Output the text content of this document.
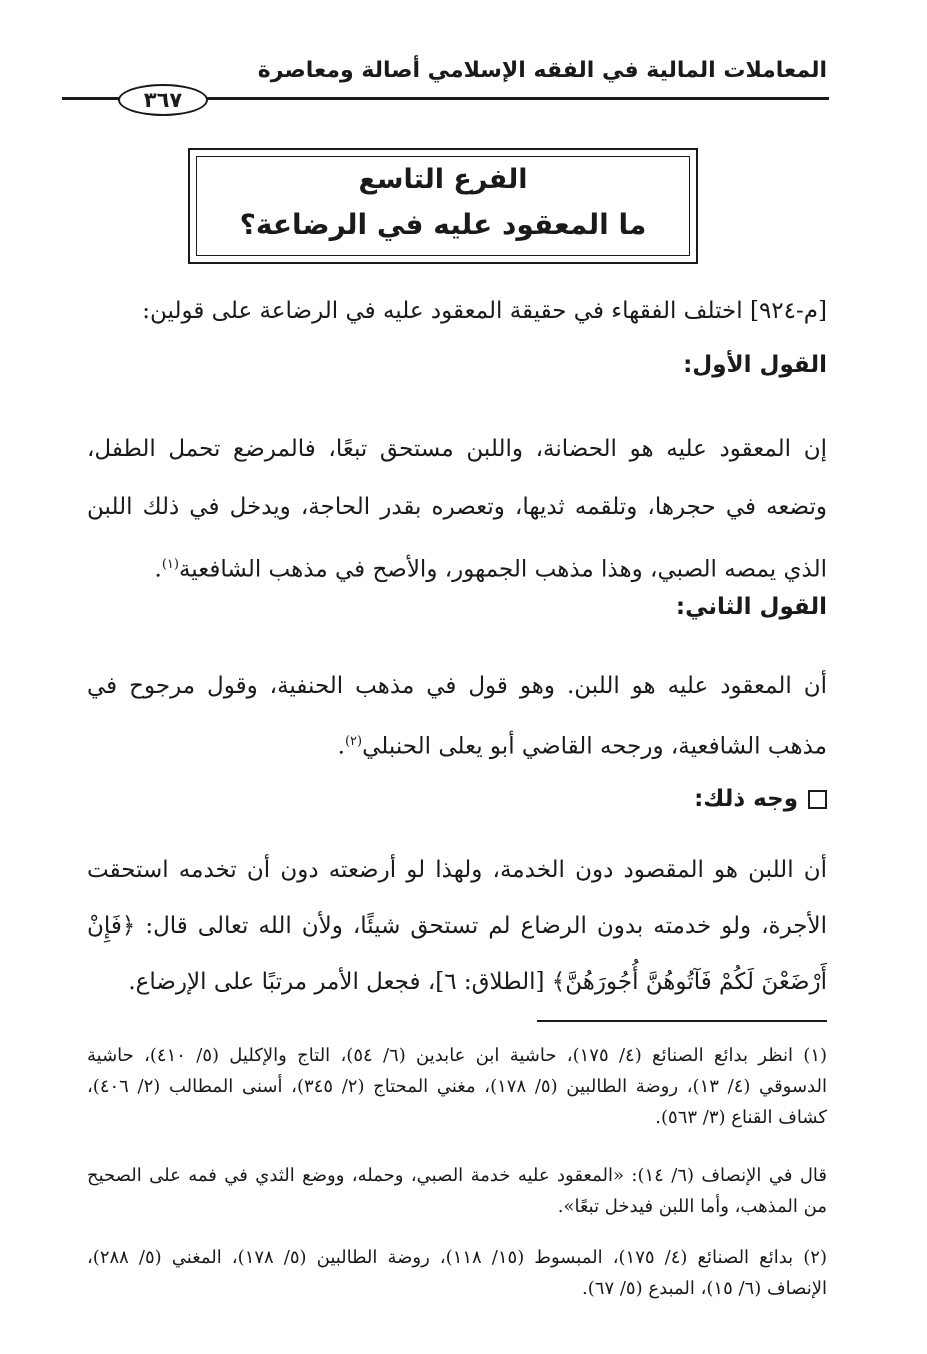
المعاملات المالية في الفقه الإسلامي أصالة ومعاصرة
٣٦٧
الفرع التاسع
ما المعقود عليه في الرضاعة؟
[م-٩٢٤] اختلف الفقهاء في حقيقة المعقود عليه في الرضاعة على قولين:
القول الأول:
إن المعقود عليه هو الحضانة، واللبن مستحق تبعًا، فالمرضع تحمل الطفل، وتضعه في حجرها، وتلقمه ثديها، وتعصره بقدر الحاجة، ويدخل في ذلك اللبن الذي يمصه الصبي، وهذا مذهب الجمهور، والأصح في مذهب الشافعية$^{(١)}$.
القول الثاني:
أن المعقود عليه هو اللبن. وهو قول في مذهب الحنفية، وقول مرجوح في مذهب الشافعية، ورجحه القاضي أبو يعلى الحنبلي$^{(٢)}$.
وجه ذلك:
أن اللبن هو المقصود دون الخدمة، ولهذا لو أرضعته دون أن تخدمه استحقت الأجرة، ولو خدمته بدون الرضاع لم تستحق شيئًا، ولأن الله تعالى قال: ﴿فَإِنْ أَرْضَعْنَ لَكُمْ فَآتُوهُنَّ أُجُورَهُنَّ﴾ [الطلاق: ٦]، فجعل الأمر مرتبًا على الإرضاع.
(١) انظر بدائع الصنائع (٤/ ١٧٥)، حاشية ابن عابدين (٦/ ٥٤)، التاج والإكليل (٥/ ٤١٠)، حاشية الدسوقي (٤/ ١٣)، روضة الطالبين (٥/ ١٧٨)، مغني المحتاج (٢/ ٣٤٥)، أسنى المطالب (٢/ ٤٠٦)، كشاف القناع (٣/ ٥٦٣).
قال في الإنصاف (٦/ ١٤): «المعقود عليه خدمة الصبي، وحمله، ووضع الثدي في فمه على الصحيح من المذهب، وأما اللبن فيدخل تبعًا».
(٢) بدائع الصنائع (٤/ ١٧٥)، المبسوط (١٥/ ١١٨)، روضة الطالبين (٥/ ١٧٨)، المغني (٥/ ٢٨٨)، الإنصاف (٦/ ١٥)، المبدع (٥/ ٦٧).
